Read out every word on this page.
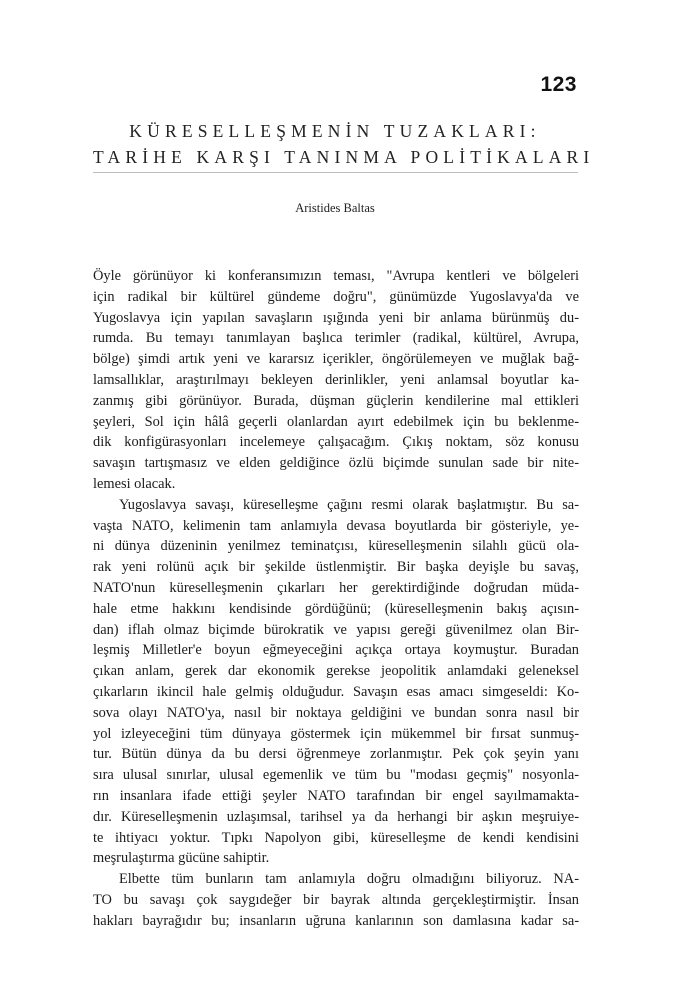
123
KÜRESELLEŞMENİN TUZAKLARI:
TARİHE KARŞI TANINMA POLİTİKALARI
Aristides Baltas
Öyle görünüyor ki konferansımızın teması, "Avrupa kentleri ve bölgeleri
için radikal bir kültürel gündeme doğru", günümüzde Yugoslavya'da ve
Yugoslavya için yapılan savaşların ışığında yeni bir anlama bürünmüş du-
rumda. Bu temayı tanımlayan başlıca terimler (radikal, kültürel, Avrupa,
bölge) şimdi artık yeni ve kararsız içerikler, öngörülemeyen ve muğlak bağ-
lamsallıklar, araştırılmayı bekleyen derinlikler, yeni anlamsal boyutlar ka-
zanmış gibi görünüyor. Burada, düşman güçlerin kendilerine mal ettikleri
şeyleri, Sol için hâlâ geçerli olanlardan ayırt edebilmek için bu beklenme-
dik konfigürasyonları incelemeye çalışacağım. Çıkış noktam, söz konusu
savaşın tartışmasız ve elden geldiğince özlü biçimde sunulan sade bir nite-
lemesi olacak.
Yugoslavya savaşı, küreselleşme çağını resmi olarak başlatmıştır. Bu sa-
vaşta NATO, kelimenin tam anlamıyla devasa boyutlarda bir gösteriyle, ye-
ni dünya düzeninin yenilmez teminatçısı, küreselleşmenin silahlı gücü ola-
rak yeni rolünü açık bir şekilde üstlenmiştir. Bir başka deyişle bu savaş,
NATO'nun küreselleşmenin çıkarları her gerektirdiğinde doğrudan müda-
hale etme hakkını kendisinde gördüğünü; (küreselleşmenin bakış açısın-
dan) iflah olmaz biçimde bürokratik ve yapısı gereği güvenilmez olan Bir-
leşmiş Milletler'e boyun eğmeyeceğini açıkça ortaya koymuştur. Buradan
çıkan anlam, gerek dar ekonomik gerekse jeopolitik anlamdaki geleneksel
çıkarların ikincil hale gelmiş olduğudur. Savaşın esas amacı simgeseldi: Ko-
sova olayı NATO'ya, nasıl bir noktaya geldiğini ve bundan sonra nasıl bir
yol izleyeceğini tüm dünyaya göstermek için mükemmel bir fırsat sunmuş-
tur. Bütün dünya da bu dersi öğrenmeye zorlanmıştır. Pek çok şeyin yanı
sıra ulusal sınırlar, ulusal egemenlik ve tüm bu "modası geçmiş" nosyonla-
rın insanlara ifade ettiği şeyler NATO tarafından bir engel sayılmamakta-
dır. Küreselleşmenin uzlaşımsal, tarihsel ya da herhangi bir aşkın meşruiye-
te ihtiyacı yoktur. Tıpkı Napolyon gibi, küreselleşme de kendi kendisini
meşrulaştırma gücüne sahiptir.
Elbette tüm bunların tam anlamıyla doğru olmadığını biliyoruz. NA-
TO bu savaşı çok saygıdeğer bir bayrak altında gerçekleştirmiştir. İnsan
hakları bayrağıdır bu; insanların uğruna kanlarının son damlasına kadar sa-
